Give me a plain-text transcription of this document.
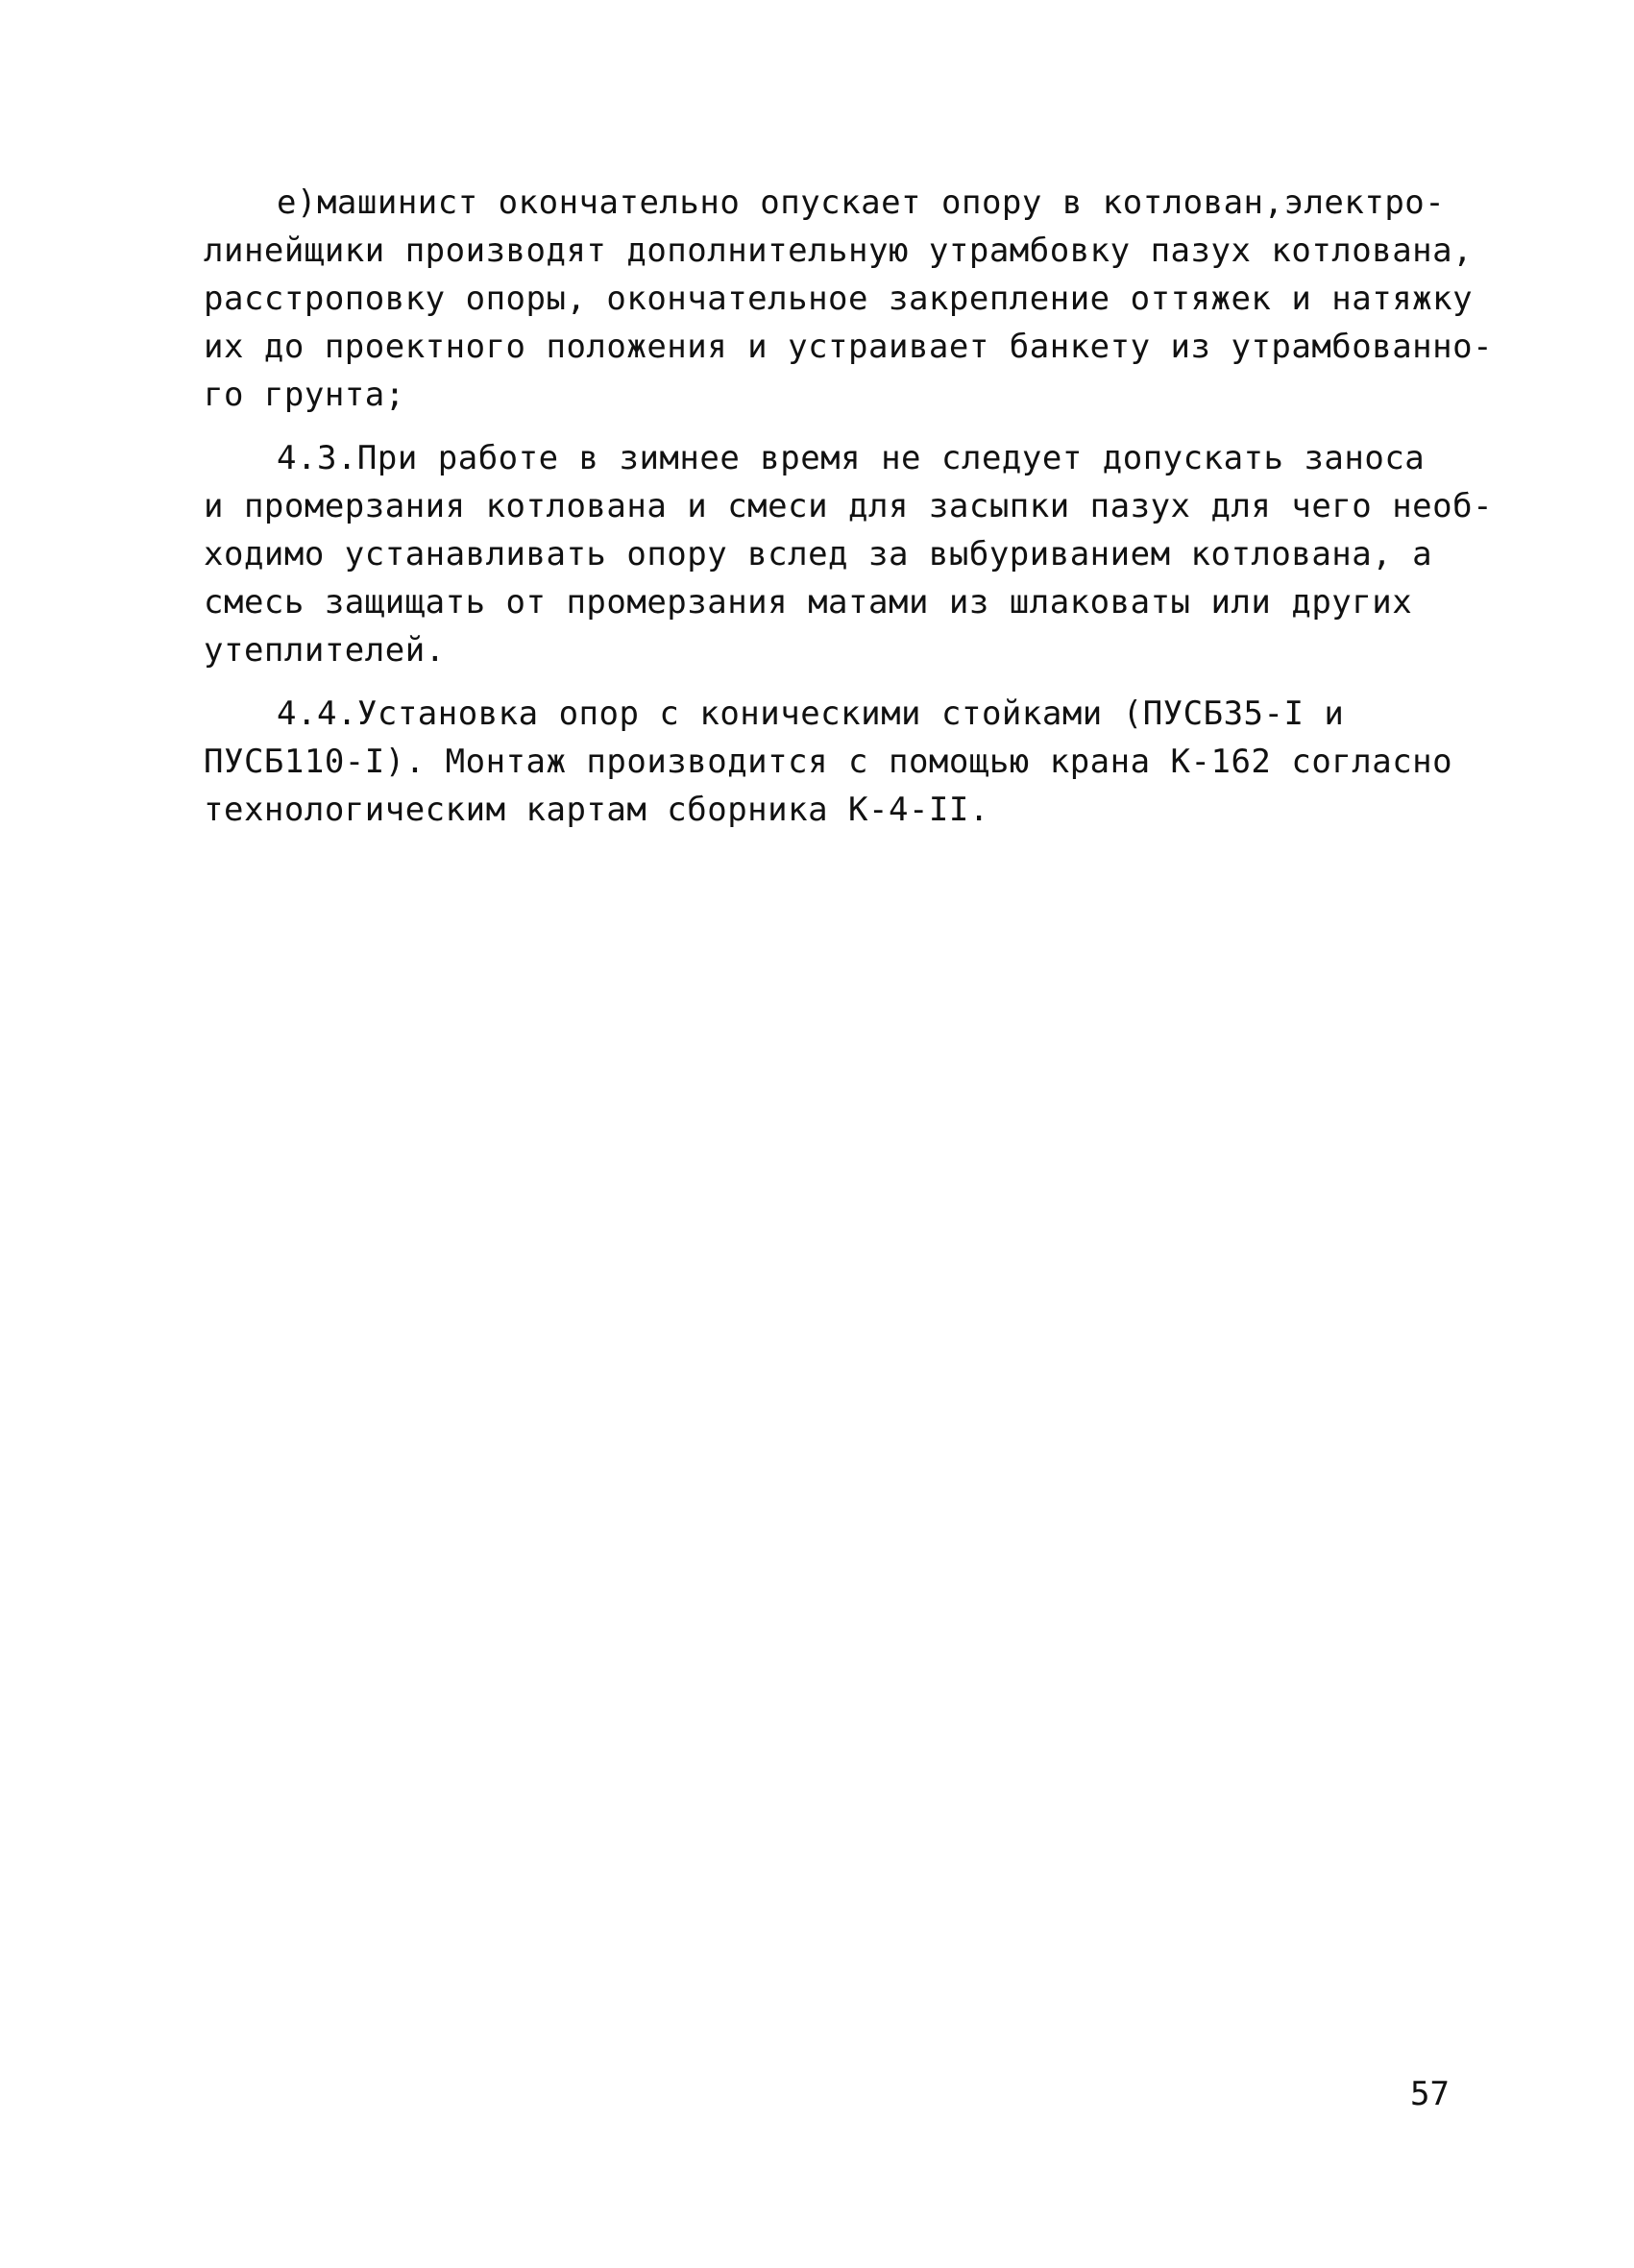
е)машинист окончательно опускает опору в котлован,электро-
линейщики производят дополнительную утрамбовку пазух котлована,
расстроповку опоры, окончательное закрепление оттяжек и натяжку
их до проектного положения и устраивает банкету из утрамбованно-
го грунта;
4.3.При работе в зимнее время не следует допускать заноса
и промерзания котлована и смеси для засыпки пазух для чего необ-
ходимо устанавливать опору вслед за выбуриванием котлована, а
смесь защищать от промерзания матами из шлаковаты или других
утеплителей.
4.4.Установка опор с коническими стойками (ПУСБ35-I и
ПУСБ110-I). Монтаж производится с помощью крана К-162 согласно
технологическим картам сборника К-4-II.
57
